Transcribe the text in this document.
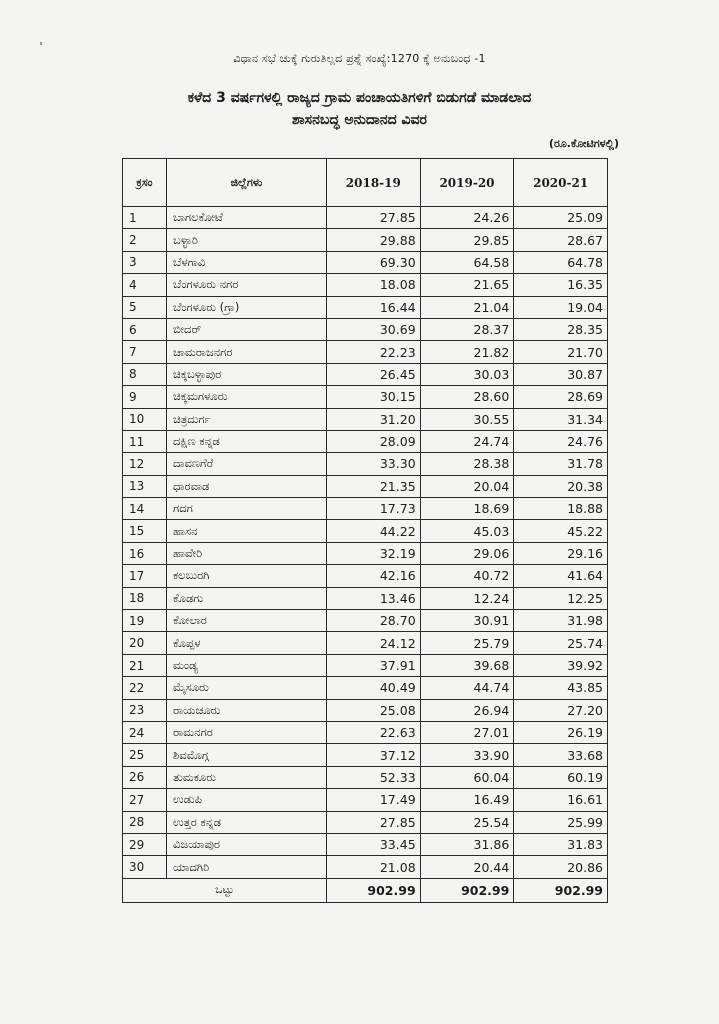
ವಿಧಾನ ಸಭೆ ಚುಕ್ಕೆ ಗುರುತಿಲ್ಲದ ಪ್ರಶ್ನೆ ಸಂಖ್ಯೆ:1270 ಕ್ಕೆ ಅನುಬಂಧ -1
ಕಳೆದ 3 ವರ್ಷಗಳಲ್ಲಿ ರಾಜ್ಯದ ಗ್ರಾಮ ಪಂಚಾಯತಿಗಳಿಗೆ ಬಿಡುಗಡೆ ಮಾಡಲಾದ
ಶಾಸನಬದ್ಧ ಅನುದಾನದ ವಿವರ
(ರೂ.ಕೋಟಿಗಳಲ್ಲಿ)
ಕ್ರಸಂ	ಜಿಲ್ಲೆಗಳು	2018-19	2019-20	2020-21
1	ಬಾಗಲಕೋಟೆ	27.85	24.26	25.09
2	ಬಳ್ಳಾರಿ	29.88	29.85	28.67
3	ಬೆಳಗಾವಿ	69.30	64.58	64.78
4	ಬೆಂಗಳೂರು ನಗರ	18.08	21.65	16.35
5	ಬೆಂಗಳೂರು (ಗ್ರಾ)	16.44	21.04	19.04
6	ಬೀದರ್	30.69	28.37	28.35
7	ಚಾಮರಾಜನಗರ	22.23	21.82	21.70
8	ಚಿಕ್ಕಬಳ್ಳಾಪುರ	26.45	30.03	30.87
9	ಚಿಕ್ಕಮಗಳೂರು	30.15	28.60	28.69
10	ಚಿತ್ರದುರ್ಗ	31.20	30.55	31.34
11	ದಕ್ಷಿಣ ಕನ್ನಡ	28.09	24.74	24.76
12	ದಾವಣಗೆರೆ	33.30	28.38	31.78
13	ಧಾರವಾಡ	21.35	20.04	20.38
14	ಗದಗ	17.73	18.69	18.88
15	ಹಾಸನ	44.22	45.03	45.22
16	ಹಾವೇರಿ	32.19	29.06	29.16
17	ಕಲಬುರಗಿ	42.16	40.72	41.64
18	ಕೊಡಗು	13.46	12.24	12.25
19	ಕೋಲಾರ	28.70	30.91	31.98
20	ಕೊಪ್ಪಳ	24.12	25.79	25.74
21	ಮಂಡ್ಯ	37.91	39.68	39.92
22	ಮೈಸೂರು	40.49	44.74	43.85
23	ರಾಯಚೂರು	25.08	26.94	27.20
24	ರಾಮನಗರ	22.63	27.01	26.19
25	ಶಿವಮೊಗ್ಗ	37.12	33.90	33.68
26	ತುಮಕೂರು	52.33	60.04	60.19
27	ಉಡುಪಿ	17.49	16.49	16.61
28	ಉತ್ತರ ಕನ್ನಡ	27.85	25.54	25.99
29	ವಿಜಯಾಪುರ	33.45	31.86	31.83
30	ಯಾದಗಿರಿ	21.08	20.44	20.86
ಒಟ್ಟು		902.99	902.99	902.99
